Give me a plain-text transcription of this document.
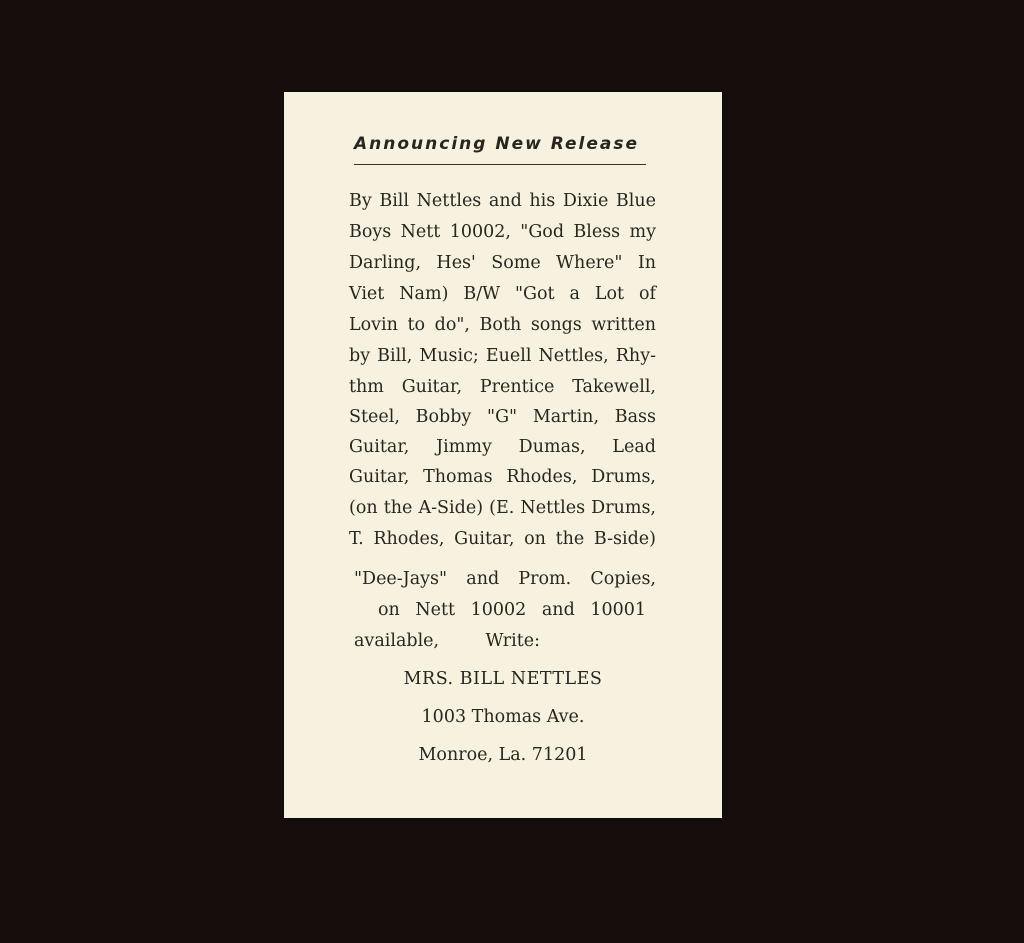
Announcing New Release
By Bill Nettles and his Dixie Blue
Boys Nett 10002, "God Bless my
Darling, Hes' Some Where" In
Viet Nam) B/W "Got a Lot of
Lovin to do", Both songs written
by Bill, Music; Euell Nettles, Rhy-
thm Guitar, Prentice Takewell,
Steel, Bobby "G" Martin, Bass
Guitar, Jimmy Dumas, Lead
Guitar, Thomas Rhodes, Drums,
(on the A-Side) (E. Nettles Drums,
T. Rhodes, Guitar, on the B-side)
"Dee-Jays" and Prom. Copies,
on Nett 10002 and 10001
available, Write:
MRS. BILL NETTLES
1003 Thomas Ave.
Monroe, La. 71201
